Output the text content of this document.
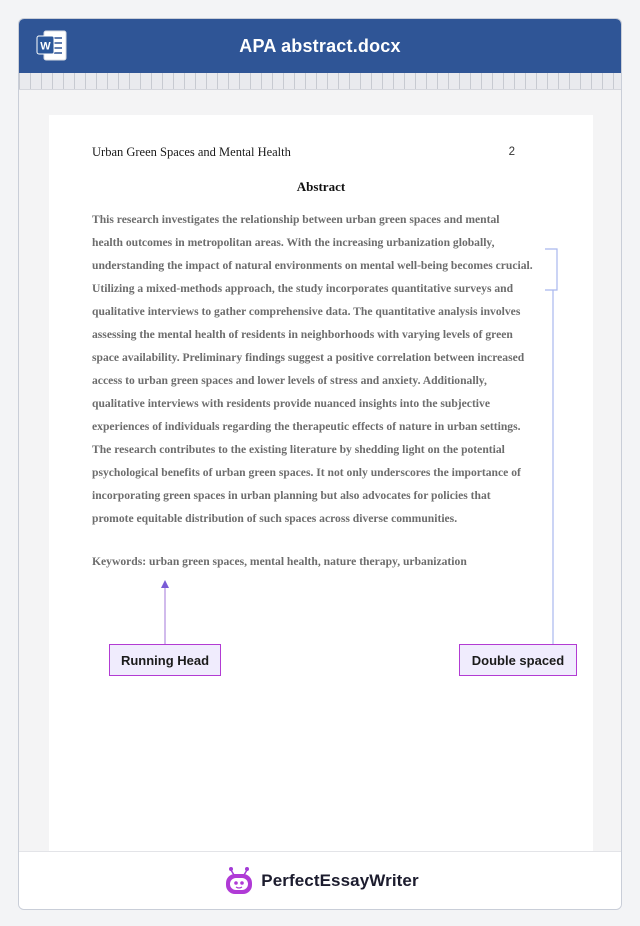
W	APA abstract.docx
Urban Green Spaces and Mental Health	2
Abstract
This research investigates the relationship between urban green spaces and mental
health outcomes in metropolitan areas. With the increasing urbanization globally,
understanding the impact of natural environments on mental well-being becomes crucial.
Utilizing a mixed-methods approach, the study incorporates quantitative surveys and
qualitative interviews to gather comprehensive data. The quantitative analysis involves
assessing the mental health of residents in neighborhoods with varying levels of green
space availability. Preliminary findings suggest a positive correlation between increased
access to urban green spaces and lower levels of stress and anxiety. Additionally,
qualitative interviews with residents provide nuanced insights into the subjective
experiences of individuals regarding the therapeutic effects of nature in urban settings.
The research contributes to the existing literature by shedding light on the potential
psychological benefits of urban green spaces. It not only underscores the importance of
incorporating green spaces in urban planning but also advocates for policies that
promote equitable distribution of such spaces across diverse communities.
Keywords: urban green spaces, mental health, nature therapy, urbanization
PerfectEssayWriter
Running Head	Double spaced
